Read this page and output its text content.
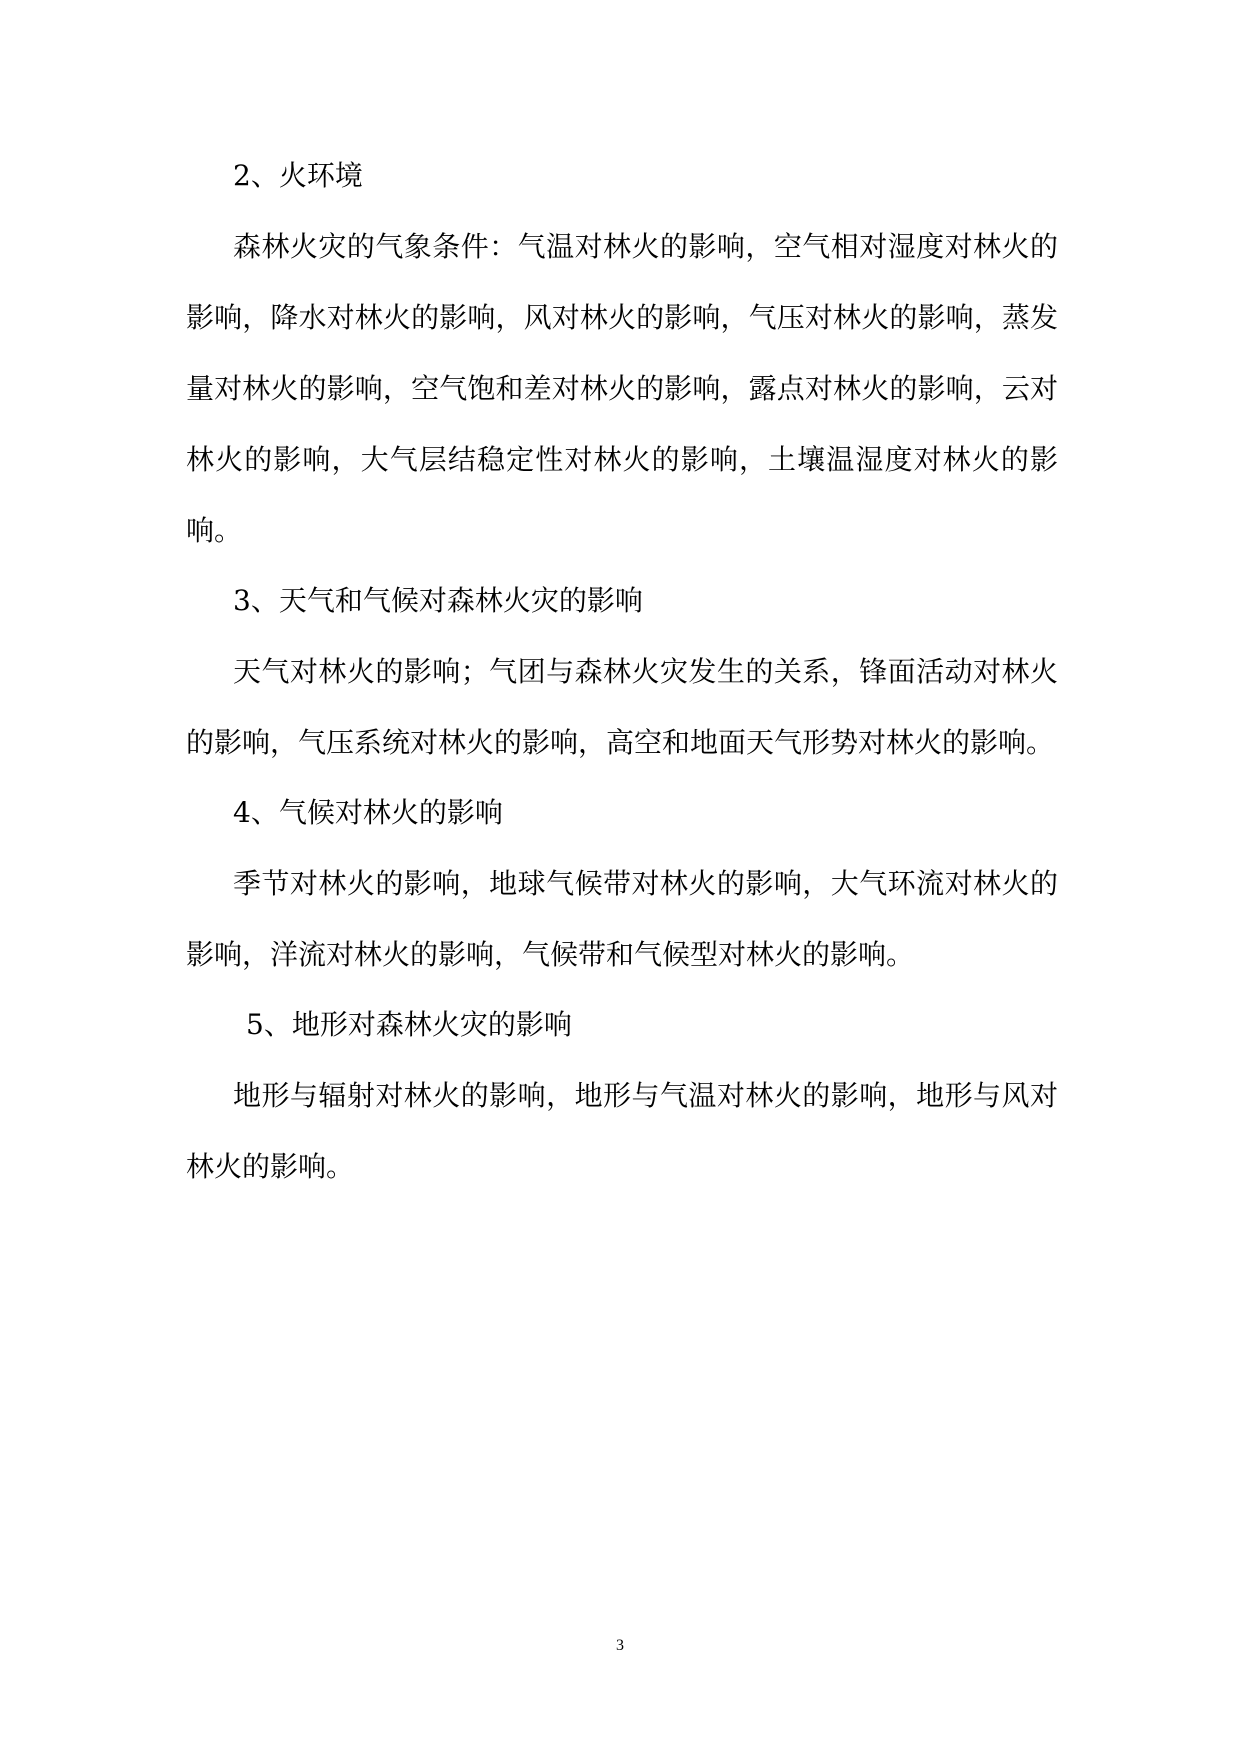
2、火环境

森林火灾的气象条件：气温对林火的影响，空气相对湿度对林火的影响，降水对林火的影响，风对林火的影响，气压对林火的影响，蒸发量对林火的影响，空气饱和差对林火的影响，露点对林火的影响，云对林火的影响，大气层结稳定性对林火的影响，土壤温湿度对林火的影响。

3、天气和气候对森林火灾的影响

天气对林火的影响；气团与森林火灾发生的关系，锋面活动对林火的影响，气压系统对林火的影响，高空和地面天气形势对林火的影响。

4、气候对林火的影响

季节对林火的影响，地球气候带对林火的影响，大气环流对林火的影响，洋流对林火的影响，气候带和气候型对林火的影响。

5、地形对森林火灾的影响

地形与辐射对林火的影响，地形与气温对林火的影响，地形与风对林火的影响。

3
